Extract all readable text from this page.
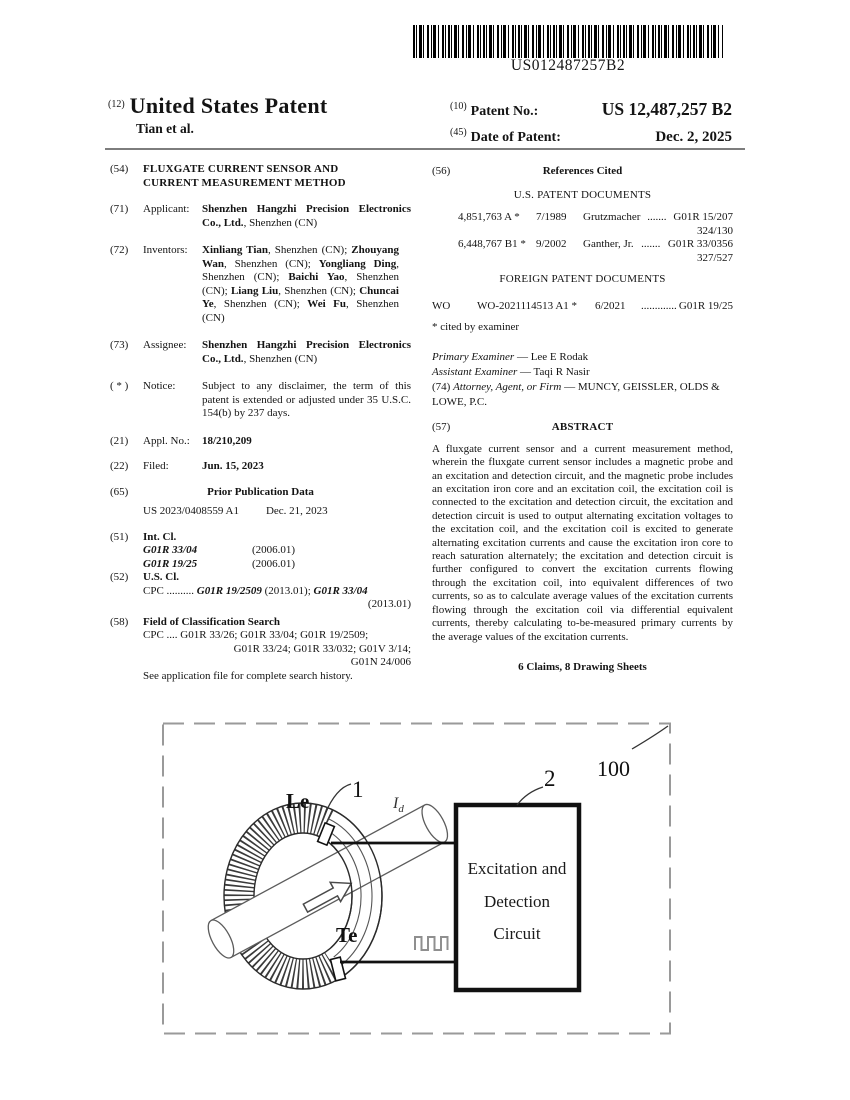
US012487257B2
$^{(12)}$ United States Patent
Tian et al.
$^{(10)}$ Patent No.:	US 12,487,257 B2
$^{(45)}$ Date of Patent:	Dec. 2, 2025
(54)	FLUXGATE CURRENT SENSOR AND
CURRENT MEASUREMENT METHOD
(71)	Applicant:	Shenzhen Hangzhi Precision Electronics Co., Ltd., Shenzhen (CN)
(72)	Inventors:	Xinliang Tian, Shenzhen (CN); Zhouyang Wan, Shenzhen (CN); Yongliang Ding, Shenzhen (CN); Baichi Yao, Shenzhen (CN); Liang Liu, Shenzhen (CN); Chuncai Ye, Shenzhen (CN); Wei Fu, Shenzhen (CN)
(73)	Assignee:	Shenzhen Hangzhi Precision Electronics Co., Ltd., Shenzhen (CN)
( * )	Notice:	Subject to any disclaimer, the term of this patent is extended or adjusted under 35 U.S.C. 154(b) by 237 days.
(21)	Appl. No.:	18/210,209
(22)	Filed:	Jun. 15, 2023
(65)	Prior Publication Data
US 2023/0408559 A1 Dec. 21, 2023
(51)	Int. Cl.
G01R 33/04	(2006.01)
G01R 19/25	(2006.01)
(52)	U.S. Cl.
CPC .......... G01R 19/2509 (2013.01); G01R 33/04
(2013.01)
(58)	Field of Classification Search
CPC .... G01R 33/26; G01R 33/04; G01R 19/2509;
G01R 33/24; G01R 33/032; G01V 3/14;
G01N 24/006
See application file for complete search history.
(56)	References Cited
U.S. PATENT DOCUMENTS
4,851,763 A *	7/1989	Grutzmacher ....... G01R 15/207
324/130
6,448,767 B1 * 9/2002	Ganther, Jr. ....... G01R 33/0356
327/527
FOREIGN PATENT DOCUMENTS
WO	WO-2021114513 A1 *	6/2021	............. G01R 19/25
* cited by examiner
Primary Examiner — Lee E Rodak
Assistant Examiner — Taqi R Nasir
(74) Attorney, Agent, or Firm — MUNCY, GEISSLER, OLDS & LOWE, P.C.
(57)	ABSTRACT
A fluxgate current sensor and a current measurement method, wherein the fluxgate current sensor includes a magnetic probe and an excitation and detection circuit, and the magnetic probe includes an excitation iron core and an excitation coil, the excitation coil is connected to the excitation and detection circuit, the excitation and detection circuit is used to output alternating excitation voltages to the excitation coil, and the excitation coil is excited to generate alternating excitation currents and cause the excitation iron core to reach saturation alternately; the excitation and detection circuit is further configured to convert the excitation currents flowing through the excitation coil, into equivalent differences of two currents, so as to calculate average values of the excitation currents flowing through the excitation coil via differential equivalent currents, thereby calculating to-be-measured primary currents by the average values of the excitation currents.
6 Claims, 8 Drawing Sheets
Excitation and
Detection
Circuit
Le 1
$I_d$
Te
2 100
